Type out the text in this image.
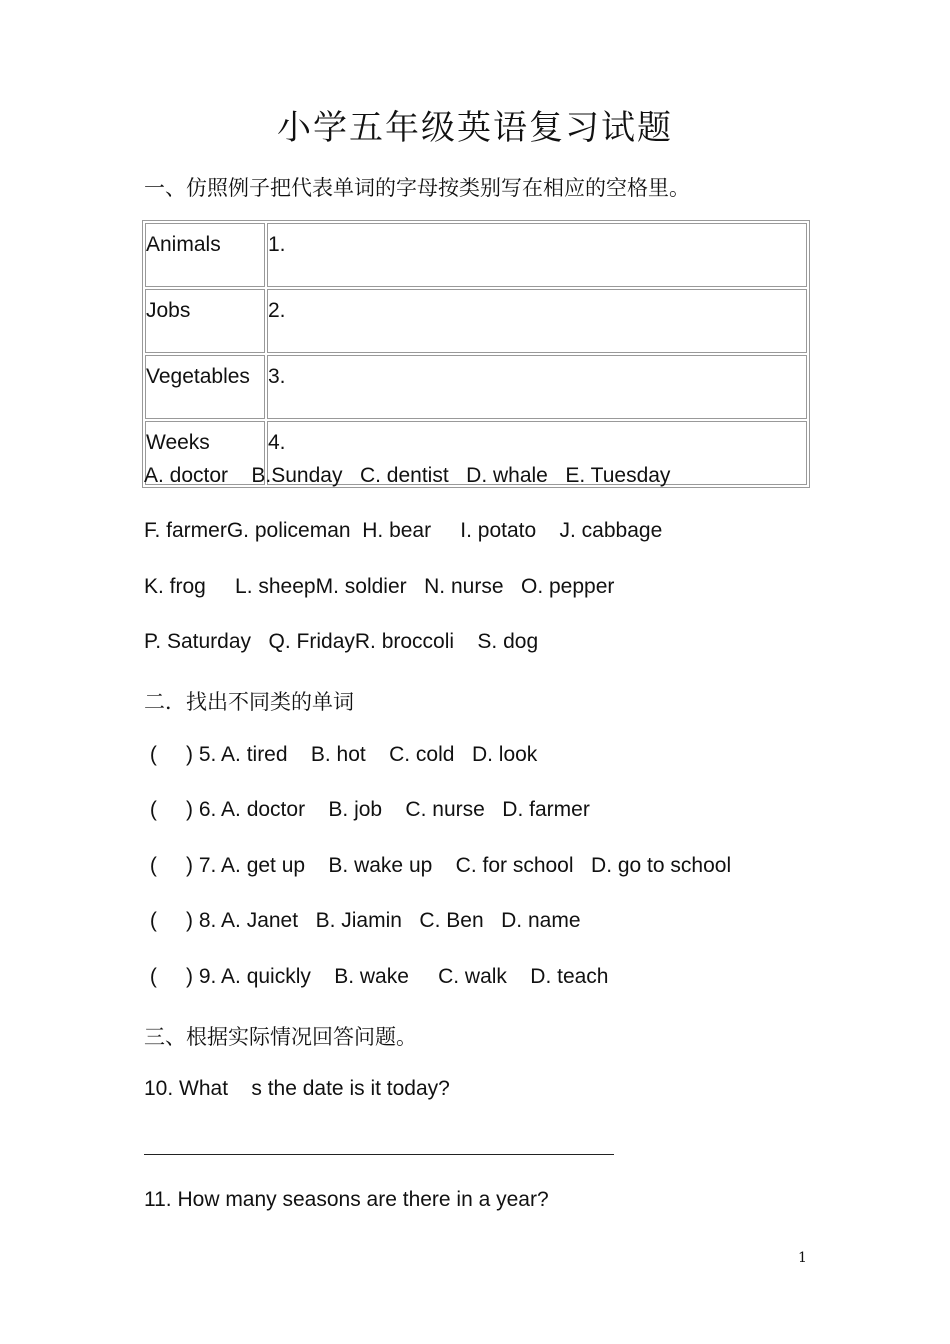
小学五年级英语复习试题
一、仿照例子把代表单词的字母按类别写在相应的空格里。
Animals	1.
Jobs	2.
Vegetables	3.
Weeks	4.
A. doctor    B.Sunday   C. dentist   D. whale   E. Tuesday
F. farmerG. policeman  H. bear     I. potato    J. cabbage
K. frog     L. sheepM. soldier   N. nurse   O. pepper
P. Saturday   Q. FridayR. broccoli    S. dog
二．找出不同类的单词
(     ) 5. A. tired    B. hot    C. cold   D. look
(     ) 6. A. doctor    B. job    C. nurse   D. farmer
(     ) 7. A. get up    B. wake up    C. for school   D. go to school
(     ) 8. A. Janet   B. Jiamin   C. Ben   D. name
(     ) 9. A. quickly    B. wake     C. walk    D. teach
三、根据实际情况回答问题。
10. What    s the date is it today?
11. How many seasons are there in a year?
1
